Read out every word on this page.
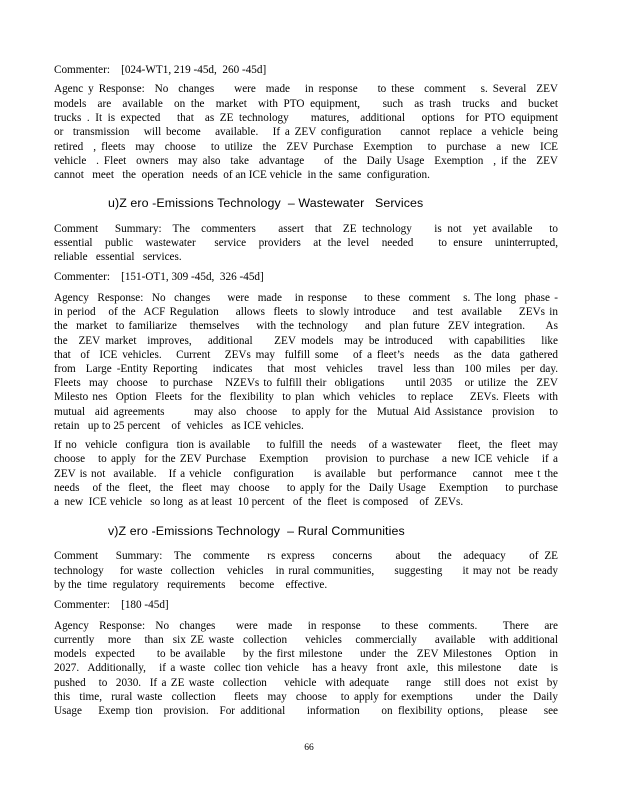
Commenter:    [024-WT1, 219 -45d,  260 -45d]
Agenc y Response:  No  changes    were  made   in response    to these  comment   s. Several  ZEV
models  are  available  on the  market  with PTO equipment,    such  as trash  trucks  and  bucket
trucks . It is expected   that  as ZE technology    matures,  additional   options  for PTO equipment
or  transmission   will become   available.   If a ZEV configuration    cannot  replace  a vehicle  being
retired  , fleets  may  choose   to utilize  the  ZEV Purchase  Exemption   to  purchase  a  new  ICE
vehicle  . Fleet  owners  may also  take  advantage    of  the  Daily Usage  Exemption  , if the  ZEV
cannot   meet   the  operation   needs  of an ICE vehicle  in the  same  configuration.
u)Z ero -Emissions Technology  – Wastewater   Services
Comment   Summary:  The  commenters    assert  that  ZE technology    is not  yet available   to
essential  public  wastewater   service  providers  at the level  needed    to ensure  uninterrupted,
reliable   essential   services.
Commenter:    [151-OT1, 309 -45d,  326 -45d]
Agency  Response:  No  changes    were  made   in response    to these  comment   s. The long  phase -
in period   of the  ACF Regulation    allows  fleets  to slowly introduce    and  test  available    ZEVs in
the  market  to familiarize   themselves    with the technology    and  plan future  ZEV integration.     As
the  ZEV market  improves,   additional    ZEV models  may be introduced   with capabilities   like
that  of  ICE vehicles.   Current   ZEVs may  fulfill some   of a fleet’s  needs   as the  data  gathered
from  Large -Entity Reporting   indicates   that  most  vehicles   travel  less than  100 miles  per day.
Fleets  may  choose   to purchase   NZEVs to fulfill their  obligations     until 2035   or utilize  the  ZEV
Milesto nes  Option  Fleets  for the  flexibility  to plan  which  vehicles   to replace    ZEVs. Fleets  with
mutual  aid agreements      may also  choose   to apply for the  Mutual Aid Assistance  provision   to
retain   up to 25 percent    of  vehicles   as ICE vehicles.
If no  vehicle  configura  tion is available    to fulfill the  needs   of a wastewater    fleet,  the  fleet  may
choose   to apply  for the ZEV Purchase   Exemption    provision  to purchase   a new ICE vehicle   if a
ZEV is not  available.   If a vehicle   configuration     is available   but  performance    cannot   mee t the
needs   of the  fleet,  the  fleet  may  choose    to apply for the  Daily Usage   Exemption    to purchase
a  new  ICE vehicle   so long  as at least  10 percent   of  the  fleet  is composed    of  ZEVs.
v)Z ero -Emissions Technology  – Rural Communities
Comment   Summary:  The  commente   rs express   concerns    about   the  adequacy    of ZE
technology    for waste  collection   vehicles   in rural communities,     suggesting     it may not  be ready
by the  time  regulatory   requirements     become    effective.
Commenter:    [180 -45d]
Agency  Response:  No  changes    were  made   in response    to these  comments.     There   are
currently   more   than  six ZE waste  collection    vehicles   commercially    available   with additional
models  expected     to be available    by the first milestone    under  the  ZEV Milestones   Option   in
2027.  Additionally,   if a waste  collec tion vehicle   has a heavy  front  axle,  this milestone    date   is
pushed   to  2030.  If a ZE waste  collection    vehicle  with adequate    range   still does  not  exist  by
this  time,  rural waste  collection    fleets  may  choose   to apply for exemptions     under  the  Daily
Usage   Exemp tion  provision.  For additional    information    on flexibility options,   please   see
66
